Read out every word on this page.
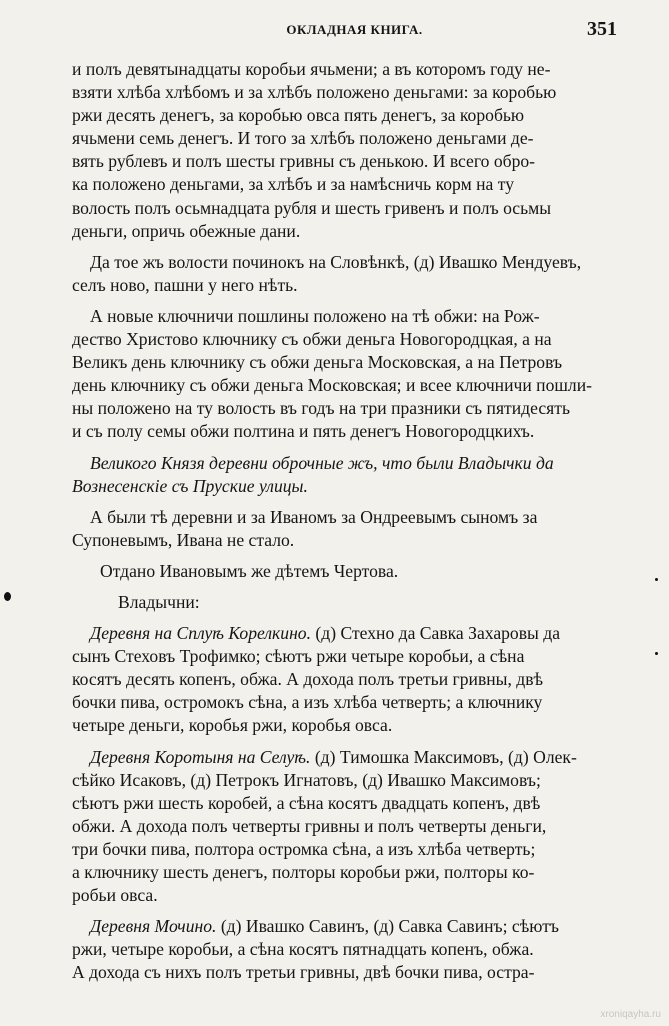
ОКЛАДНАЯ КНИГА.	351

и полъ девятынадцаты коробьи ячьмени; а въ которомъ году не-
взяти хлѣба хлѣбомъ и за хлѣбъ положено деньгами: за коробью
ржи десять денегъ, за коробью овса пять денегъ, за коробью
ячьмени семь денегъ. И того за хлѣбъ положено деньгами де-
вять рублевъ и полъ шесты гривны съ денькою. И всего обро-
ка положено деньгами, за хлѣбъ и за намѣсничь корм на ту
волость полъ осьмнадцата рубля и шесть гривенъ и полъ осьмы
деньги, опричь обежные дани.

Да тое жъ волости починокъ на Словѣнкѣ, (д) Ивашко Мендуевъ,
селъ ново, пашни у него нѣть.

А новые ключничи пошлины положено на тѣ обжи: на Рож-
дество Христово ключнику съ обжи деньга Новогородцкая, а на
Великъ день ключнику съ обжи деньга Московская, а на Петровъ
день ключнику съ обжи деньга Московская; и всее ключничи пошли-
ны положено на ту волость въ годъ на три празники съ пятидесять
и съ полу семы обжи полтина и пять денегъ Новогородцкихъ.

Великого Князя деревни оброчные жъ, что были Владычки да
Вознесенскіе съ Пруские улицы.

А были тѣ деревни и за Иваномъ за Ондреевымъ сыномъ за
Супоневымъ, Ивана не стало.

Отдано Ивановымъ же дѣтемъ Чертова.

Владычни:

Деревня на Сплуѣ Корелкино. (д) Стехно да Савка Захаровы да
сынъ Стеховъ Трофимко; сѣютъ ржи четыре коробьи, а сѣна
косятъ десять копенъ, обжа. А дохода полъ третьи гривны, двѣ
бочки пива, остромокъ сѣна, а изъ хлѣба четверть; а ключнику
четыре деньги, коробья ржи, коробья овса.

Деревня Коротыня на Селуѣ. (д) Тимошка Максимовъ, (д) Олек-
сѣйко Исаковъ, (д) Петрокъ Игнатовъ, (д) Ивашко Максимовъ;
сѣютъ ржи шесть коробей, а сѣна косятъ двадцать копенъ, двѣ
обжи. А дохода полъ четверты гривны и полъ четверты деньги,
три бочки пива, полтора остромка сѣна, а изъ хлѣба четверть;
а ключнику шесть денегъ, полторы коробьи ржи, полторы ко-
робьи овса.

Деревня Мочино. (д) Ивашко Савинъ, (д) Савка Савинъ; сѣютъ
ржи, четыре коробьи, а сѣна косятъ пятнадцать копенъ, обжа.
А дохода съ нихъ полъ третьи гривны, двѣ бочки пива, остра-

xroniqayha.ru
